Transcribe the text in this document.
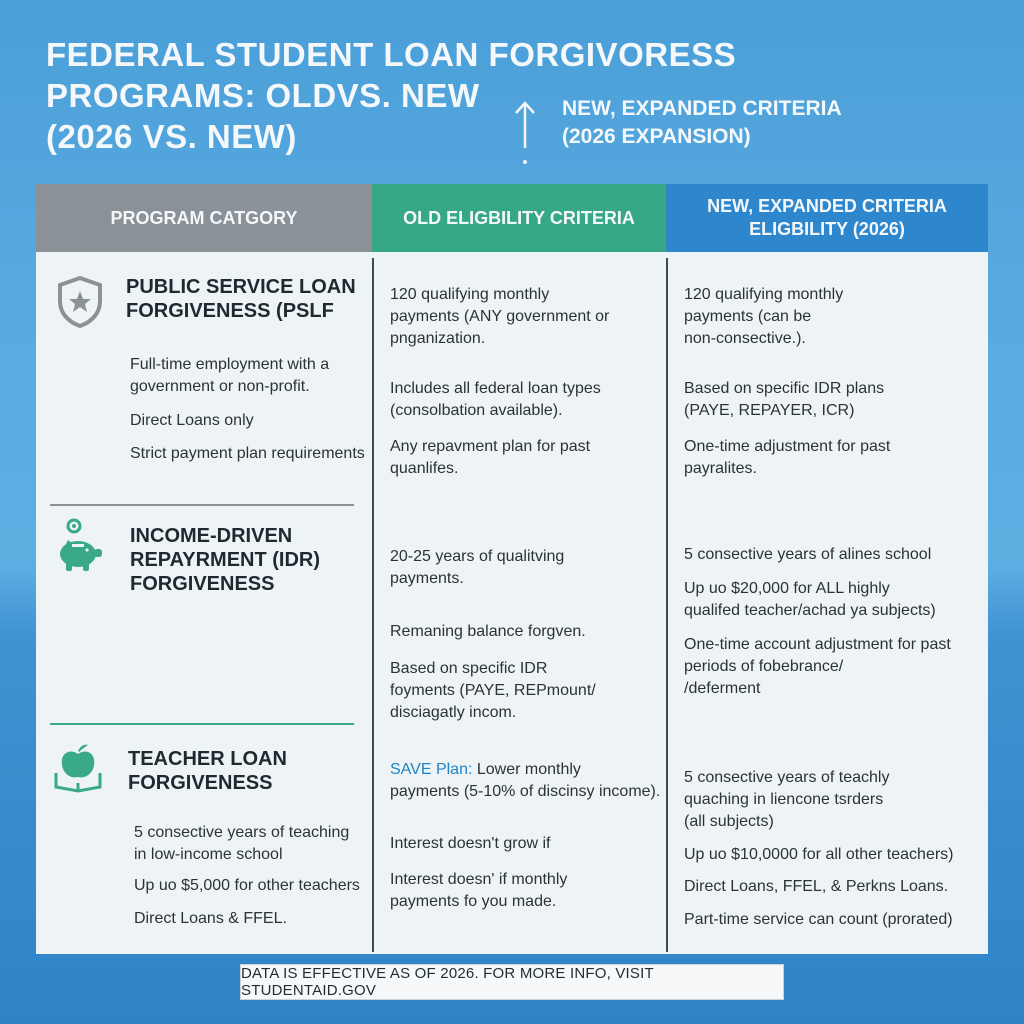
FEDERAL STUDENT LOAN FORGIVORESS
PROGRAMS: OLDVS. NEW
(2026 VS. NEW)
NEW, EXPANDED CRITERIA
(2026 EXPANSION)
PROGRAM CATGORY	OLD ELIGBILITY CRITERIA
NEW, EXPANDED CRITERIA
ELIGBILITY (2026)
PUBLIC SERVICE LOAN
FORGIVENESS (PSLF
Full-time employment with a
government or non-profit.
Direct Loans only
Strict payment plan requirements
120 qualifying monthly
payments (ANY government or
pnganization.
Includes all federal loan types
(consolbation available).
Any repavment plan for past
quanlifes.
120 qualifying monthly
payments (can be
non-consective.).
Based on specific IDR plans
(PAYE, REPAYER, ICR)
One-time adjustment for past
payralites.
INCOME-DRIVEN
REPAYRMENT (IDR)
FORGIVENESS
20-25 years of qualitving
payments.
Remaning balance forgven.
Based on specific IDR
foyments (PAYE, REPmount/
disciagatly incom.
5 consective years of alines school
Up uo $20,000 for ALL highly
qualifed teacher/achad ya subjects)
One-time account adjustment for past
periods of fobebrance/
/deferment
TEACHER LOAN
FORGIVENESS
5 consective years of teaching
in low-income school
Up uo $5,000 for other teachers
Direct Loans & FFEL.
SAVE Plan: Lower monthly
payments (5-10% of discinsy income).
Interest doesn't grow if
Interest doesn' if monthly
payments fo you made.
5 consective years of teachly
quaching in liencone tsrders
(all subjects)
Up uo $10,0000 for all other teachers)
Direct Loans, FFEL, & Perkns Loans.
Part-time service can count (prorated)
DATA IS EFFECTIVE AS OF 2026. FOR MORE INFO, VISIT STUDENTAID.GOV
